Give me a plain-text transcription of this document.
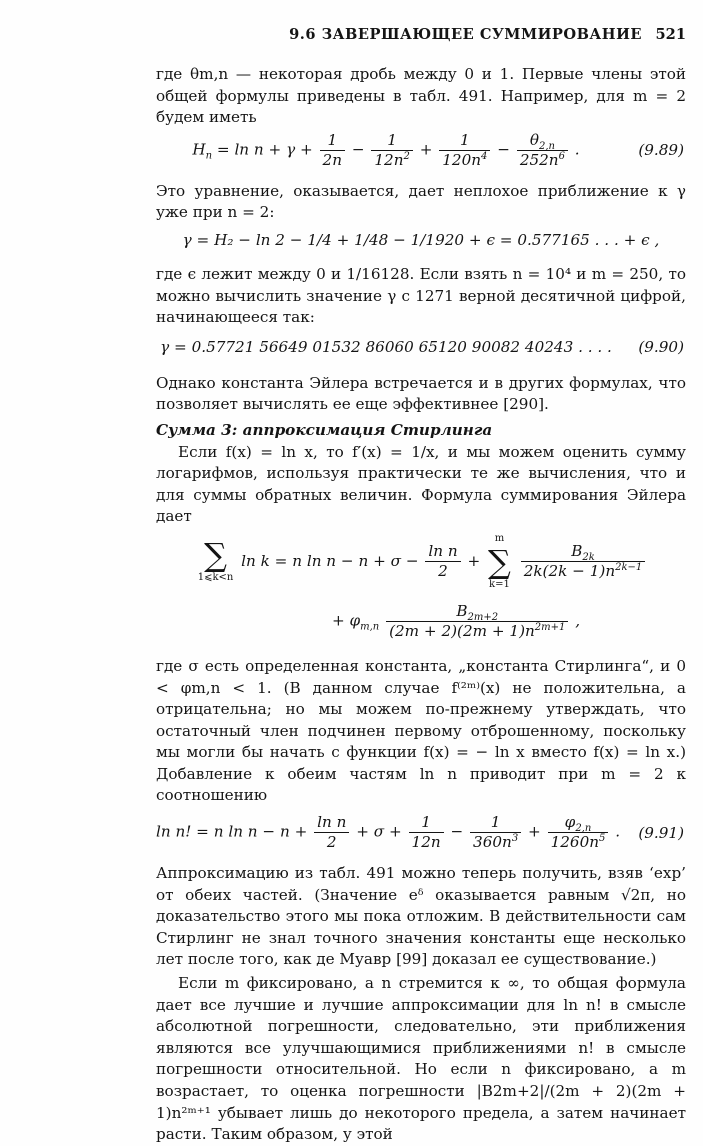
9.6 ЗАВЕРШАЮЩЕЕ СУММИРОВАНИЕ 521

где θm,n — некоторая дробь между 0 и 1. Первые члены этой общей формулы приведены в табл. 491. Например, для m = 2 будем иметь

$H_n = \ln n + \gamma + \frac{1}{2n} - \frac{1}{12n^2} + \frac{1}{120n^4} - \frac{\theta_{2,n}}{252n^6}$ .	(9.89)

Это уравнение, оказывается, дает неплохое приближение к γ уже при n = 2:

γ = H₂ − ln 2 − 1/4 + 1/48 − 1/1920 + ϵ = 0.577165 . . . + ϵ ,

где ϵ лежит между 0 и 1/16128. Если взять n = 10⁴ и m = 250, то можно вычислить значение γ с 1271 верной десятичной цифрой, начинающееся так:

γ = 0.57721 56649 01532 86060 65120 90082 40243 . . . . (9.90)

Однако константа Эйлера встречается и в других формулах, что позволяет вычислять ее еще эффективнее [290].

Сумма 3: аппроксимация Стирлинга

Если f(x) = ln x, то f′(x) = 1/x, и мы можем оценить сумму логарифмов, используя практически те же вычисления, что и для суммы обратных величин. Формула суммирования Эйлера дает

∑
1⩽k<n
ln k = n $\ln n - n + \sigma - \frac{\text{ln n}}{2}$ +
m
∑
k=1

$\frac{B_{2k}}{2k(2k - 1)n^{2k-1}}$
+ $\varphi_{m,n} \frac{B_{2m+2}}{(2m + 2)(2m + 1)n^{2m+1}}$ ,

где σ есть определенная константа, „константа Стирлинга“, и 0 < φm,n < 1. (В данном случае f⁽²ᵐ⁾(x) не положительна, а отрицательна; но мы можем по-прежнему утверждать, что остаточный член подчинен первому отброшенному, поскольку мы могли бы начать с функции f(x) = − ln x вместо f(x) = ln x.) Добавление к обеим частям ln n приводит при m = 2 к соотношению

ln n! = n $\ln n - n + \frac{\text{ln n}}{2} + \sigma + \frac{1}{12n} - \frac{1}{360n^3} + \frac{\varphi_{2,n}}{1260n^5}$ . (9.91)

Аппроксимацию из табл. 491 можно теперь получить, взяв ‘exp’ от обеих частей. (Значение eᵟ оказывается равным √2π, но доказательство этого мы пока отложим. В действительности сам Стирлинг не знал точного значения константы еще несколько лет после того, как де Муавр [99] доказал ее существование.)

Если m фиксировано, а n стремится к ∞, то общая формула дает все лучшие и лучшие аппроксимации для ln n! в смысле абсолютной погрешности, следовательно, эти приближения являются все улучшающимися приближениями n! в смысле погрешности относительной. Но если n фиксировано, а m возрастает, то оценка погрешности |B2m+2|/(2m + 2)(2m + 1)n²ᵐ⁺¹ убывает лишь до некоторого предела, а затем начинает расти. Таким образом, у этой
